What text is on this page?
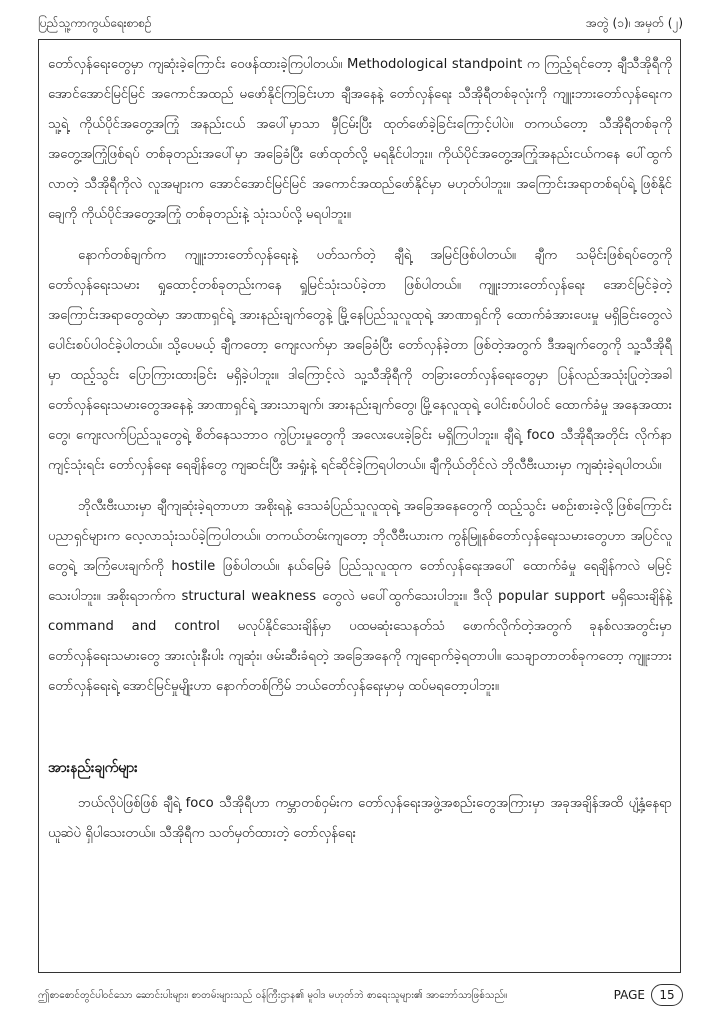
ပြည်သူ့ကာကွယ်ရေးစာစဥ်	အတွဲ (၁)၊ အမှတ် (၂)

တော်လှန်ရေးတွေမှာ ကျဆုံးခဲ့ကြောင်း ဝေဖန်ထားခဲ့ကြပါတယ်။ Methodological standpoint က ကြည့်ရင်တော့ ချီသီအိုရီကို အောင်အောင်မြင်မြင် အကောင်အထည် မဖော်နိုင်ကြခြင်းဟာ ချီအနေနဲ့ တော်လှန်ရေး သီအိုရီတစ်ခုလုံးကို ကျူးဘားတော်လှန်ရေးက သူ့ရဲ့ ကိုယ်ပိုင်အတွေ့အကြုံ အနည်းငယ် အပေါ်မှာသာ မှီငြမ်းပြီး ထုတ်ဖော်ခဲ့ခြင်းကြောင့်ပါပဲ။ တကယ်တော့ သီအိုရီတစ်ခုကို အတွေ့အကြုံဖြစ်ရပ် တစ်ခုတည်းအပေါ်မှာ အခြေခံပြီး ဖော်ထုတ်လို့ မရနိုင်ပါဘူး။ ကိုယ်ပိုင်အတွေ့အကြုံအနည်းငယ်ကနေ ပေါ်ထွက်လာတဲ့ သီအိုရီကိုလဲ လူအများက အောင်အောင်မြင်မြင် အကောင်အထည်ဖော်နိုင်မှာ မဟုတ်ပါဘူး။ အကြောင်းအရာတစ်ရပ်ရဲ့ ဖြစ်နိုင်ချေကို ကိုယ်ပိုင်အတွေ့အကြုံ တစ်ခုတည်းနဲ့ သုံးသပ်လို့ မရပါဘူး။

နောက်တစ်ချက်က ကျူးဘားတော်လှန်ရေးနဲ့ ပတ်သက်တဲ့ ချီရဲ့ အမြင်ဖြစ်ပါတယ်။ ချီက သမိုင်းဖြစ်ရပ်တွေကို တော်လှန်ရေးသမား ရှုထောင့်တစ်ခုတည်းကနေ ရှုမြင်သုံးသပ်ခဲ့တာ ဖြစ်ပါတယ်။ ကျူးဘားတော်လှန်ရေး အောင်မြင်ခဲ့တဲ့ အကြောင်းအရာတွေထဲမှာ အာဏာရှင်ရဲ့ အားနည်းချက်တွေနဲ့ မြို့နေပြည်သူလူထုရဲ့ အာဏာရှင်ကို ထောက်ခံအားပေးမှု မရှိခြင်းတွေလဲ ပေါင်းစပ်ပါဝင်ခဲ့ပါတယ်။ သို့ပေမယ့် ချီကတော့ ကျေးလက်မှာ အခြေခံပြီး တော်လှန်ခဲ့တာ ဖြစ်တဲ့အတွက် ဒီအချက်တွေကို သူ့သီအိုရီမှာ ထည့်သွင်း ပြောကြားထားခြင်း မရှိခဲ့ပါဘူး။ ဒါကြောင့်လဲ သူ့သီအိုရီကို တခြားတော်လှန်ရေးတွေမှာ ပြန်လည်အသုံးပြုတဲ့အခါ တော်လှန်ရေးသမားတွေအနေနဲ့ အာဏာရှင်ရဲ့ အားသာချက်၊ အားနည်းချက်တွေ၊ မြို့နေလူထုရဲ့ ပေါင်းစပ်ပါဝင် ထောက်ခံမှု အနေအထားတွေ၊ ကျေးလက်ပြည်သူတွေရဲ့ စိတ်နေသဘာဝ ကွဲပြားမှုတွေကို အလေးပေးခဲ့ခြင်း မရှိကြပါဘူး။ ချီရဲ့ foco သီအိုရီအတိုင်း လိုက်နာကျင့်သုံးရင်း တော်လှန်ရေး ရေချိန်တွေ ကျဆင်းပြီး အရှုံးနဲ့ ရင်ဆိုင်ခဲ့ကြရပါတယ်။ ချီကိုယ်တိုင်လဲ ဘိုလီဗီးယားမှာ ကျဆုံးခဲ့ရပါတယ်။

ဘိုလီးဗီးယားမှာ ချီကျဆုံးခဲ့ရတာဟာ အစိုးရနဲ့ ဒေသခံပြည်သူလူထုရဲ့ အခြေအနေတွေကို ထည့်သွင်း မစဉ်းစားခဲ့လို့ဖြစ်ကြောင်း ပညာရှင်များက လေ့လာသုံးသပ်ခဲ့ကြပါတယ်။ တကယ်တမ်းကျတော့ ဘိုလီဗီးယားက ကွန်မြူနစ်တော်လှန်ရေးသမားတွေဟာ အပြင်လူတွေရဲ့ အကြံပေးချက်ကို hostile ဖြစ်ပါတယ်။ နယ်မြေခံ ပြည်သူလူထုက တော်လှန်ရေးအပေါ် ထောက်ခံမှု ရေချိန်ကလဲ မမြင့်သေးပါဘူး။ အစိုးရဘက်က structural weakness တွေလဲ မပေါ်ထွက်သေးပါဘူး။ ဒီလို popular support မရှိသေးချိန်နဲ့ command and control မလုပ်နိုင်သေးချိန်မှာ ပထမဆုံးသေနတ်သံ ဖောက်လိုက်တဲ့အတွက် ခုနစ်လအတွင်းမှာ တော်လှန်ရေးသမားတွေ အားလုံးနီးပါး ကျဆုံး၊ ဖမ်းဆီးခံရတဲ့ အခြေအနေကို ကျရောက်ခဲ့ရတာပါ။ သေချာတာတစ်ခုကတော့ ကျူးဘားတော်လှန်ရေးရဲ့ အောင်မြင်မှုမျိုးဟာ နောက်တစ်ကြိမ် ဘယ်တော်လှန်ရေးမှာမှ ထပ်မရတော့ပါဘူး။

အားနည်းချက်များ

ဘယ်လိုပဲဖြစ်ဖြစ် ချီရဲ့ foco သီအိုရီဟာ ကမ္ဘာတစ်ဝှမ်းက တော်လှန်ရေးအဖွဲ့အစည်းတွေအကြားမှာ အခုအချိန်အထိ ပျံ့နှံ့နေရာယူဆဲပဲ ရှိပါသေးတယ်။ သီအိုရီက သတ်မှတ်ထားတဲ့ တော်လှန်ရေး

ဤစာစောင်တွင်ပါဝင်သော ဆောင်းပါးများ၊ စာတမ်းများသည် ဝန်ကြီးဌာန၏ မူဝါဒ မဟုတ်ဘဲ စာရေးသူများ၏ အာဘော်သာဖြစ်သည်။	PAGE	15
